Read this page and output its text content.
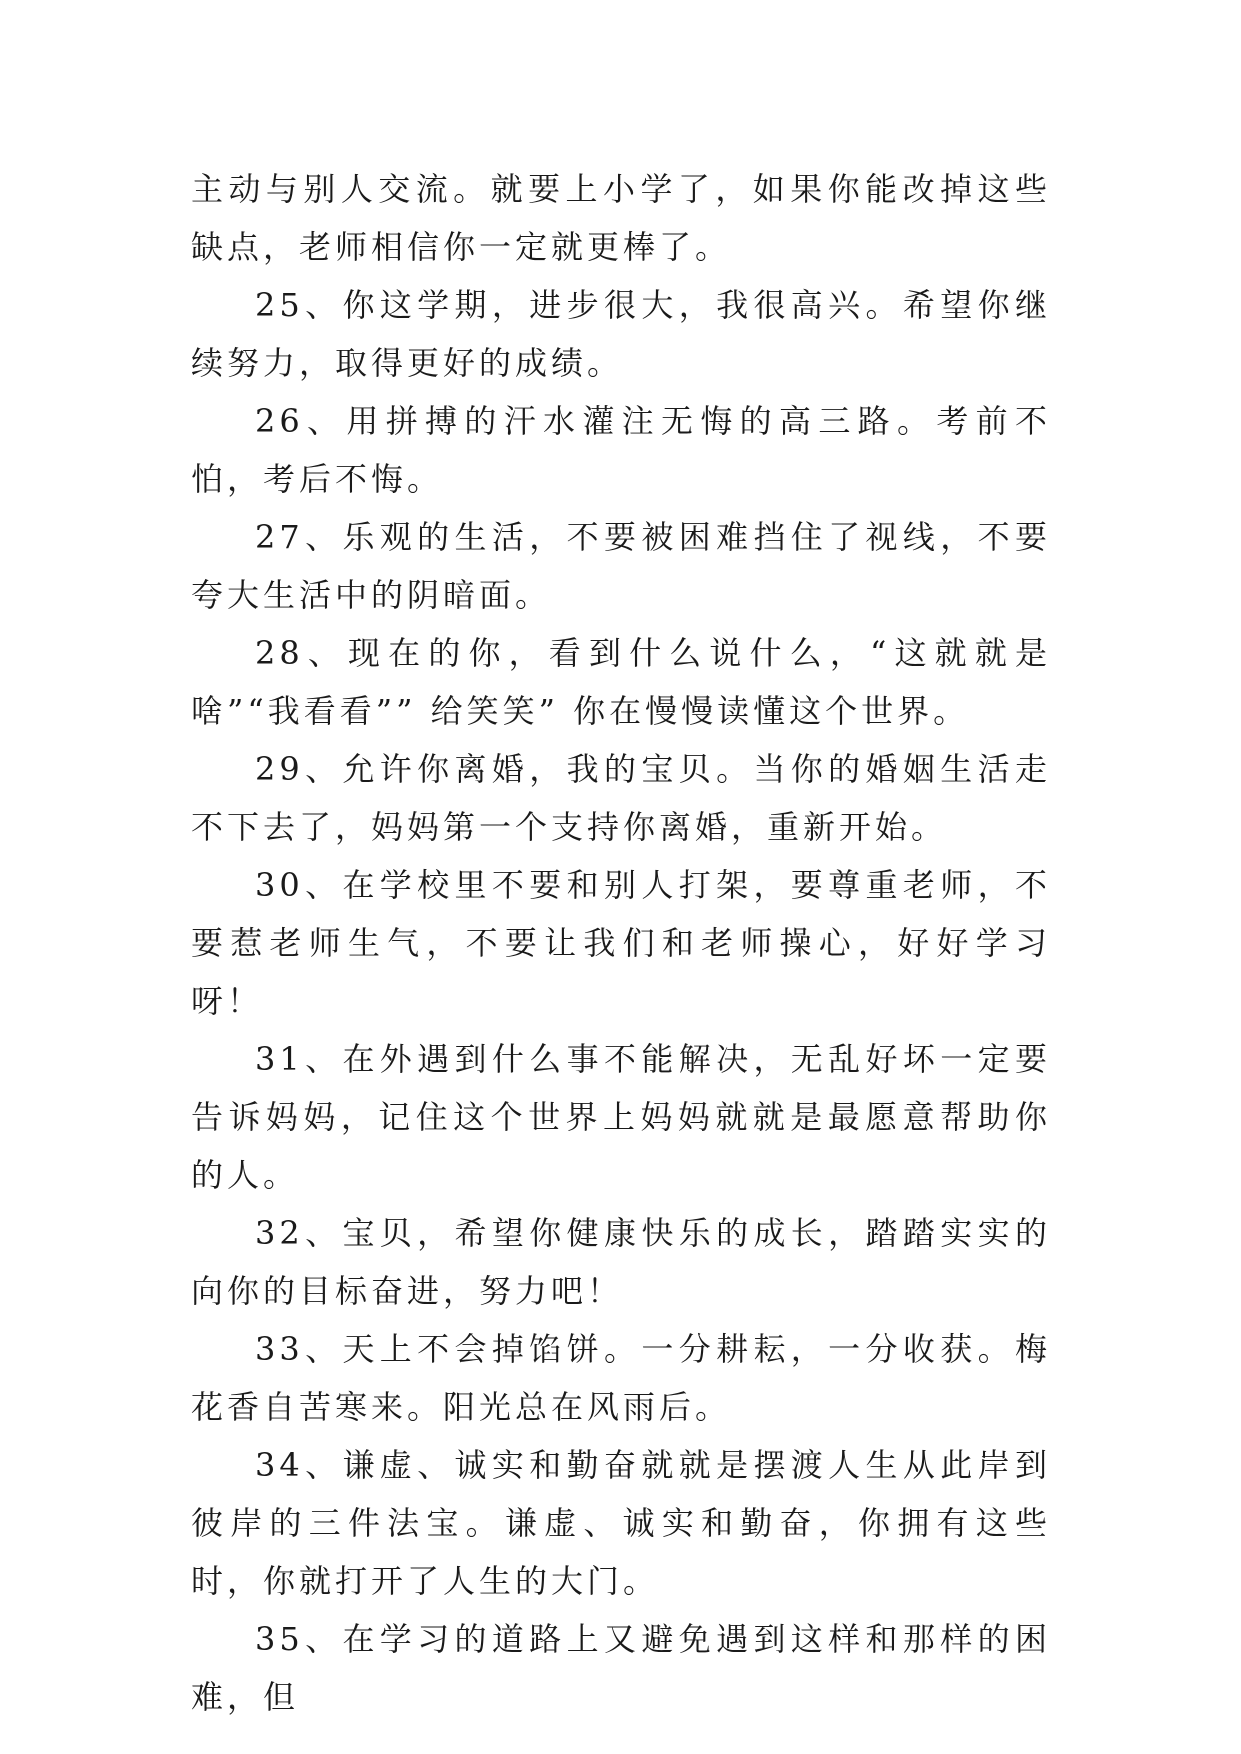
主动与别人交流。就要上小学了，如果你能改掉这些缺点，老师相信你一定就更棒了。

25、你这学期，进步很大，我很高兴。希望你继续努力，取得更好的成绩。

26、用拼搏的汗水灌注无悔的高三路。考前不怕，考后不悔。

27、乐观的生活，不要被困难挡住了视线，不要夸大生活中的阴暗面。

28、现在的你，看到什么说什么，“这就就是啥”“我看看”” 给笑笑” 你在慢慢读懂这个世界。

29、允许你离婚，我的宝贝。当你的婚姻生活走不下去了，妈妈第一个支持你离婚，重新开始。

30、在学校里不要和别人打架，要尊重老师，不要惹老师生气，不要让我们和老师操心，好好学习呀！

31、在外遇到什么事不能解决，无乱好坏一定要告诉妈妈，记住这个世界上妈妈就就是最愿意帮助你的人。

32、宝贝，希望你健康快乐的成长，踏踏实实的向你的目标奋进，努力吧！

33、天上不会掉馅饼。一分耕耘，一分收获。梅花香自苦寒来。阳光总在风雨后。

34、谦虚、诚实和勤奋就就是摆渡人生从此岸到彼岸的三件法宝。谦虚、诚实和勤奋，你拥有这些时，你就打开了人生的大门。

35、在学习的道路上又避免遇到这样和那样的困难，但
